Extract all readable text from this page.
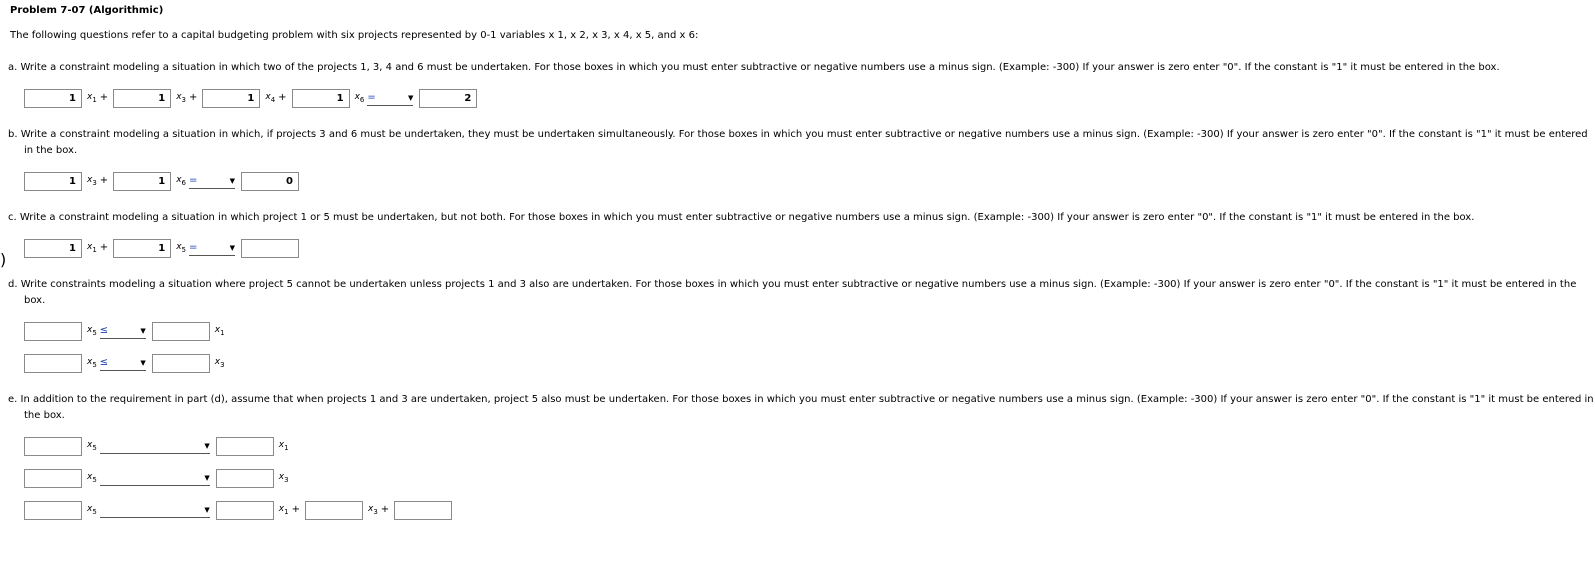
Problem 7-07 (Algorithmic)
The following questions refer to a capital budgeting problem with six projects represented by 0-1 variables x 1, x 2, x 3, x 4, x 5, and x 6:
a. Write a constraint modeling a situation in which two of the projects 1, 3, 4 and 6 must be undertaken. For those boxes in which you must enter subtractive or negative numbers use a minus sign. (Example: -300) If your answer is zero enter "0". If the constant is "1" it must be entered in the box.
1
$x_1$ +
1	$x_3$ +
1	$x_4$ +
1	$x_6$ =	▼
2
b. Write a constraint modeling a situation in which, if projects 3 and 6 must be undertaken, they must be undertaken simultaneously. For those boxes in which you must enter subtractive or negative numbers use a minus sign. (Example: -300) If your answer is zero enter "0". If the constant is "1" it must be entered in the box.
1
$x_3$ +
1	$x_6$ =	▼
0
c. Write a constraint modeling a situation in which project 1 or 5 must be undertaken, but not both. For those boxes in which you must enter subtractive or negative numbers use a minus sign. (Example: -300) If your answer is zero enter "0". If the constant is "1" it must be entered in the box.
1
$x_1$ +
1	$x_5$ =	▼
d. Write constraints modeling a situation where project 5 cannot be undertaken unless projects 1 and 3 also are undertaken. For those boxes in which you must enter subtractive or negative numbers use a minus sign. (Example: -300) If your answer is zero enter "0". If the constant is "1" it must be entered in the box.
$x_5$ ≤	▼	$x_1$
$x_5$ ≤	▼	$x_3$
e. In addition to the requirement in part (d), assume that when projects 1 and 3 are undertaken, project 5 also must be undertaken. For those boxes in which you must enter subtractive or negative numbers use a minus sign. (Example: -300) If your answer is zero enter "0". If the constant is "1" it must be entered in the box.
$x_5$	▼	$x_1$
$x_5$	▼	$x_3$
$x_5$	▼	$x_1$ +	$x_3$ +
)
